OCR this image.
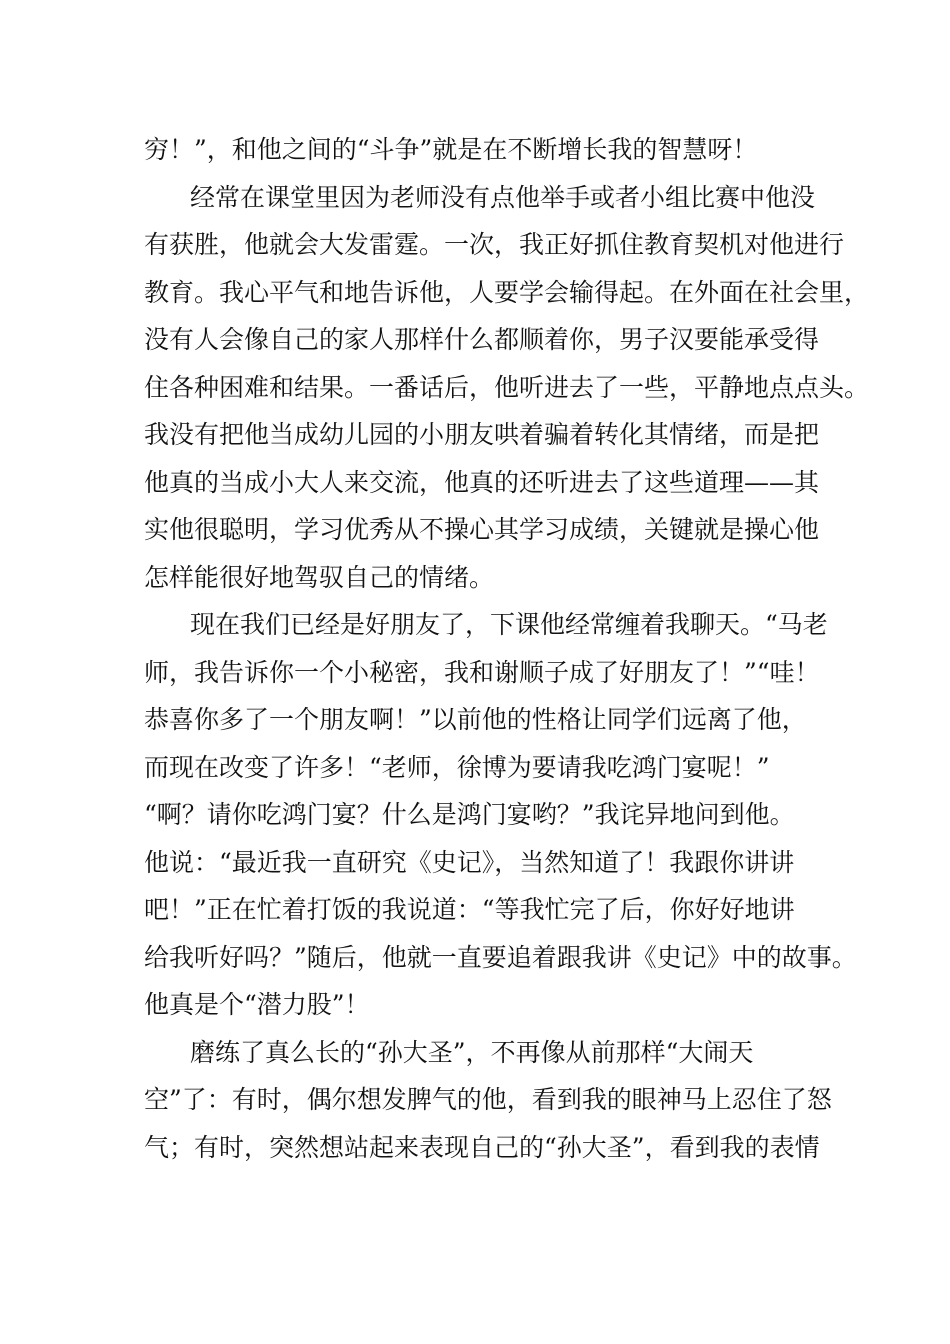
穷！”，和他之间的“斗争”就是在不断增长我的智慧呀！
经常在课堂里因为老师没有点他举手或者小组比赛中他没
有获胜，他就会大发雷霆。一次，我正好抓住教育契机对他进行
教育。我心平气和地告诉他，人要学会输得起。在外面在社会里，
没有人会像自己的家人那样什么都顺着你，男子汉要能承受得
住各种困难和结果。一番话后，他听进去了一些，平静地点点头。
我没有把他当成幼儿园的小朋友哄着骗着转化其情绪，而是把
他真的当成小大人来交流，他真的还听进去了这些道理——其
实他很聪明，学习优秀从不操心其学习成绩，关键就是操心他
怎样能很好地驾驭自己的情绪。
现在我们已经是好朋友了，下课他经常缠着我聊天。“马老
师，我告诉你一个小秘密，我和谢顺子成了好朋友了！”“哇！
恭喜你多了一个朋友啊！”以前他的性格让同学们远离了他，
而现在改变了许多！“老师，徐博为要请我吃鸿门宴呢！”
“啊？请你吃鸿门宴？什么是鸿门宴哟？”我诧异地问到他。
他说：“最近我一直研究《史记》，当然知道了！我跟你讲讲
吧！”正在忙着打饭的我说道：“等我忙完了后，你好好地讲
给我听好吗？”随后，他就一直要追着跟我讲《史记》中的故事。
他真是个“潜力股”！
磨练了真么长的“孙大圣”，不再像从前那样“大闹天
空”了：有时，偶尔想发脾气的他，看到我的眼神马上忍住了怒
气；有时，突然想站起来表现自己的“孙大圣”，看到我的表情
